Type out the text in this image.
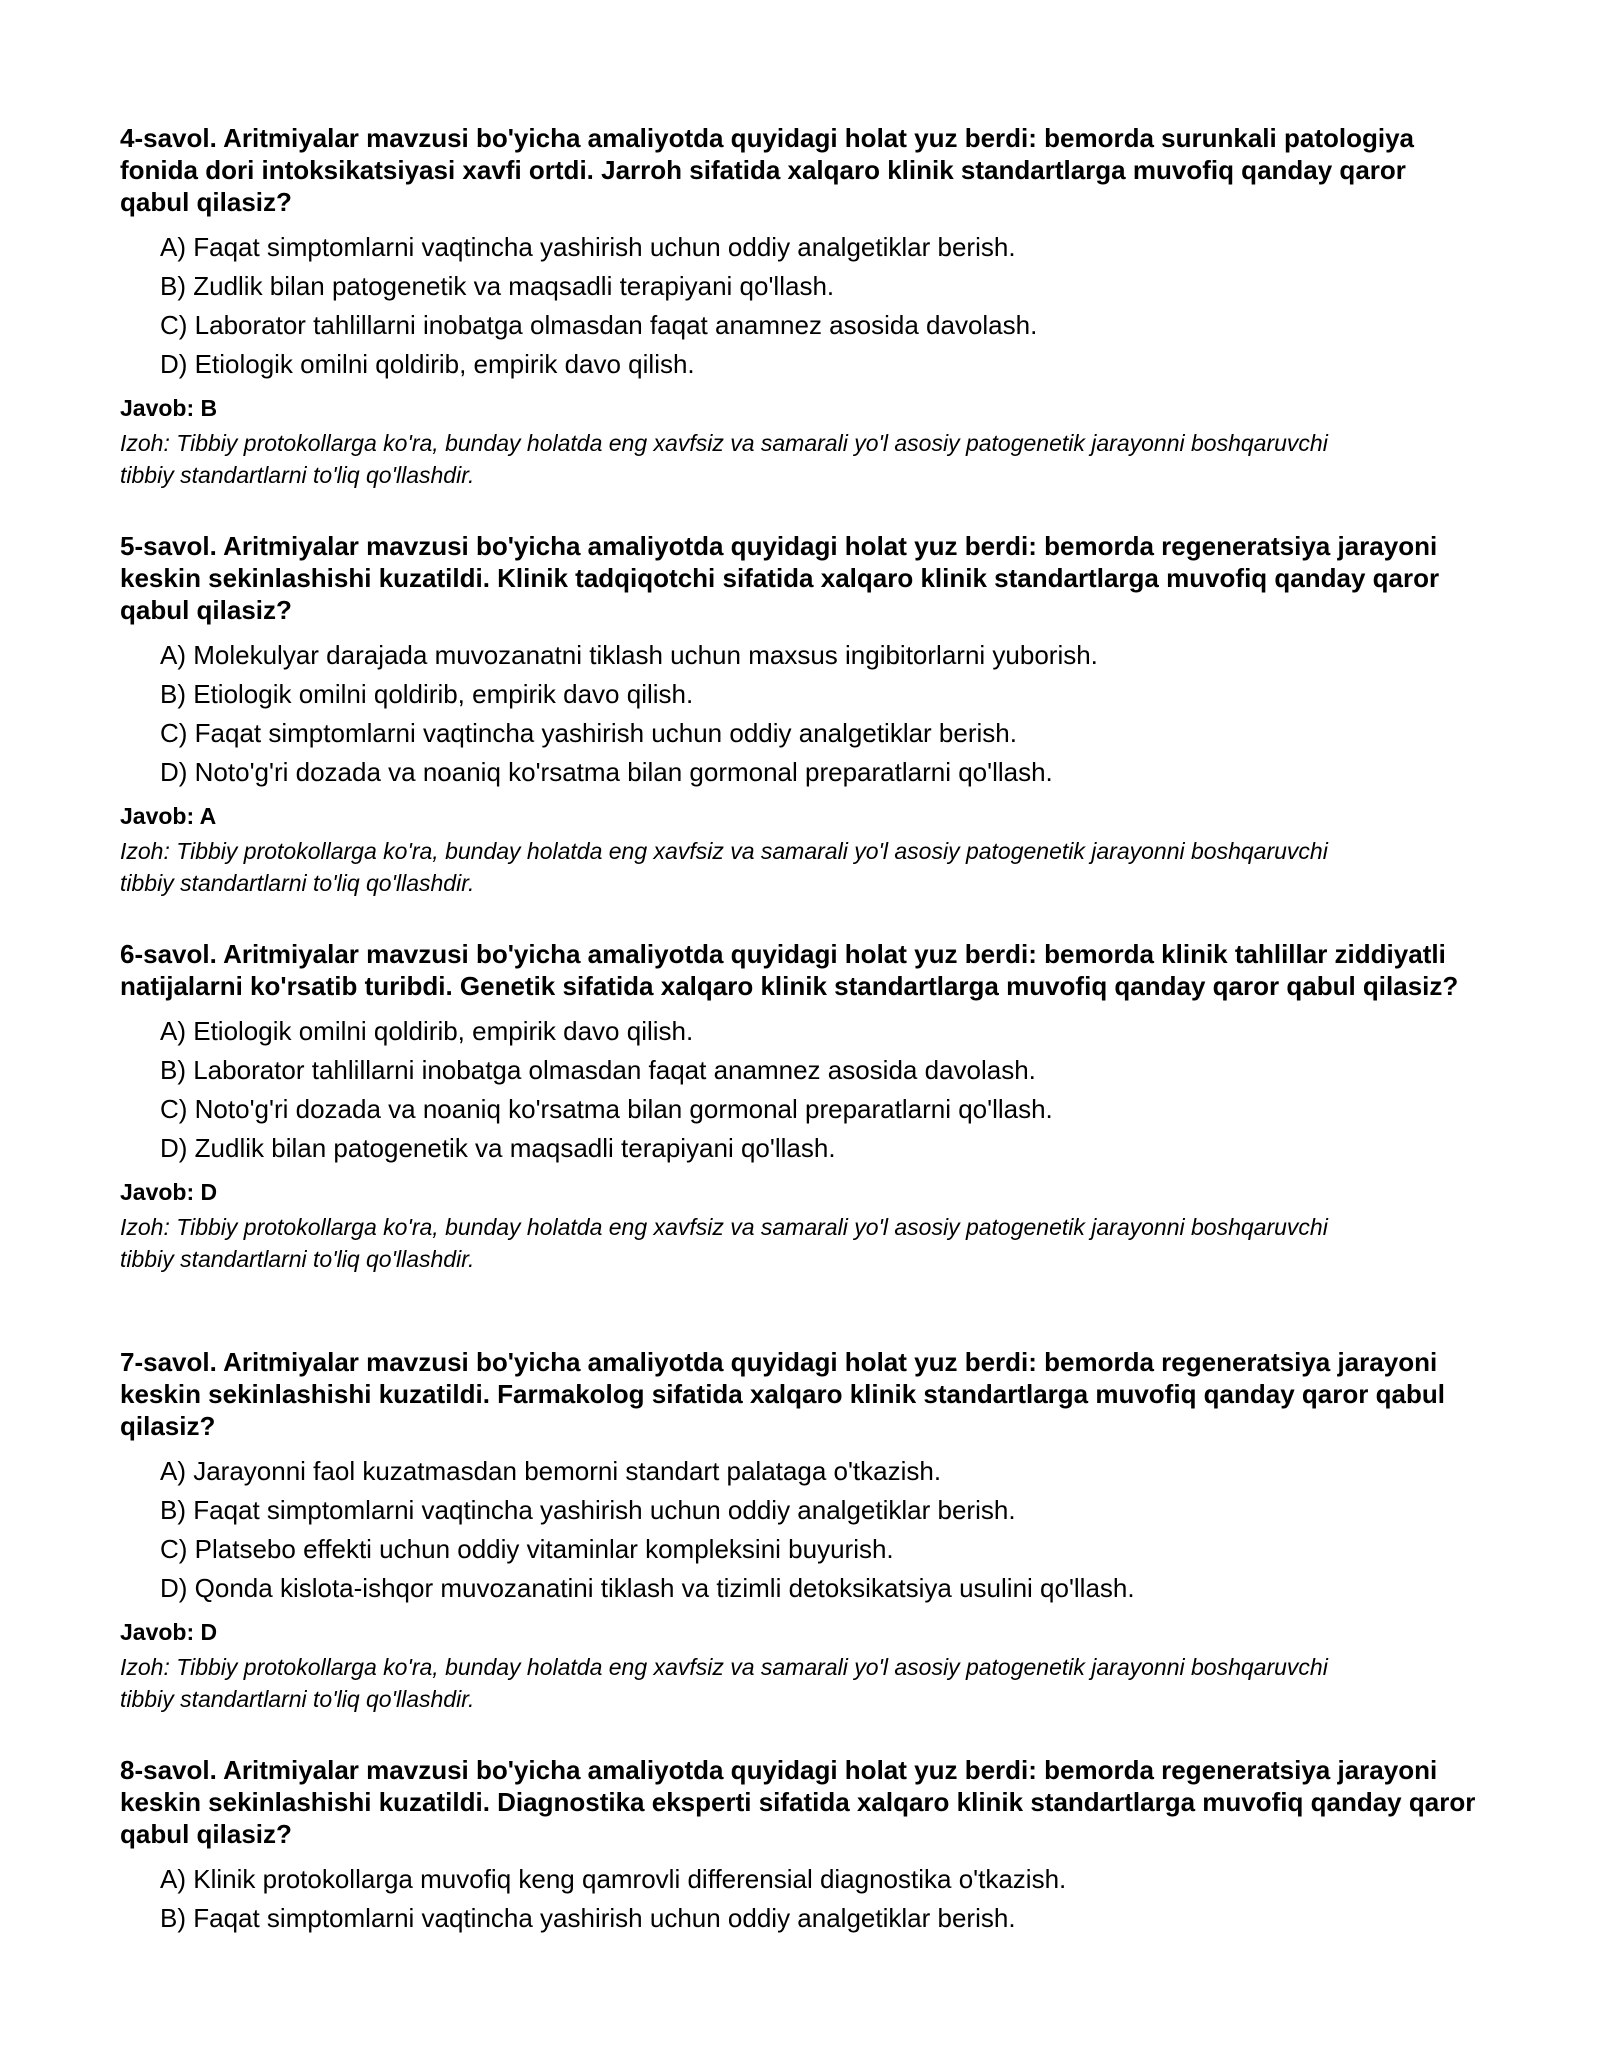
4-savol. Aritmiyalar mavzusi bo'yicha amaliyotda quyidagi holat yuz berdi: bemorda surunkali patologiya fonida dori intoksikatsiyasi xavfi ortdi. Jarroh sifatida xalqaro klinik standartlarga muvofiq qanday qaror qabul qilasiz?

A) Faqat simptomlarni vaqtincha yashirish uchun oddiy analgetiklar berish.
B) Zudlik bilan patogenetik va maqsadli terapiyani qo'llash.
C) Laborator tahlillarni inobatga olmasdan faqat anamnez asosida davolash.
D) Etiologik omilni qoldirib, empirik davo qilish.

Javob: B

Izoh: Tibbiy protokollarga ko'ra, bunday holatda eng xavfsiz va samarali yo'l asosiy patogenetik jarayonni boshqaruvchi tibbiy standartlarni to'liq qo'llashdir.

5-savol. Aritmiyalar mavzusi bo'yicha amaliyotda quyidagi holat yuz berdi: bemorda regeneratsiya jarayoni keskin sekinlashishi kuzatildi. Klinik tadqiqotchi sifatida xalqaro klinik standartlarga muvofiq qanday qaror qabul qilasiz?

A) Molekulyar darajada muvozanatni tiklash uchun maxsus ingibitorlarni yuborish.
B) Etiologik omilni qoldirib, empirik davo qilish.
C) Faqat simptomlarni vaqtincha yashirish uchun oddiy analgetiklar berish.
D) Noto'g'ri dozada va noaniq ko'rsatma bilan gormonal preparatlarni qo'llash.

Javob: A

Izoh: Tibbiy protokollarga ko'ra, bunday holatda eng xavfsiz va samarali yo'l asosiy patogenetik jarayonni boshqaruvchi tibbiy standartlarni to'liq qo'llashdir.

6-savol. Aritmiyalar mavzusi bo'yicha amaliyotda quyidagi holat yuz berdi: bemorda klinik tahlillar ziddiyatli natijalarni ko'rsatib turibdi. Genetik sifatida xalqaro klinik standartlarga muvofiq qanday qaror qabul qilasiz?

A) Etiologik omilni qoldirib, empirik davo qilish.
B) Laborator tahlillarni inobatga olmasdan faqat anamnez asosida davolash.
C) Noto'g'ri dozada va noaniq ko'rsatma bilan gormonal preparatlarni qo'llash.
D) Zudlik bilan patogenetik va maqsadli terapiyani qo'llash.

Javob: D

Izoh: Tibbiy protokollarga ko'ra, bunday holatda eng xavfsiz va samarali yo'l asosiy patogenetik jarayonni boshqaruvchi tibbiy standartlarni to'liq qo'llashdir.

7-savol. Aritmiyalar mavzusi bo'yicha amaliyotda quyidagi holat yuz berdi: bemorda regeneratsiya jarayoni keskin sekinlashishi kuzatildi. Farmakolog sifatida xalqaro klinik standartlarga muvofiq qanday qaror qabul qilasiz?

A) Jarayonni faol kuzatmasdan bemorni standart palataga o'tkazish.
B) Faqat simptomlarni vaqtincha yashirish uchun oddiy analgetiklar berish.
C) Platsebo effekti uchun oddiy vitaminlar kompleksini buyurish.
D) Qonda kislota-ishqor muvozanatini tiklash va tizimli detoksikatsiya usulini qo'llash.

Javob: D

Izoh: Tibbiy protokollarga ko'ra, bunday holatda eng xavfsiz va samarali yo'l asosiy patogenetik jarayonni boshqaruvchi tibbiy standartlarni to'liq qo'llashdir.

8-savol. Aritmiyalar mavzusi bo'yicha amaliyotda quyidagi holat yuz berdi: bemorda regeneratsiya jarayoni keskin sekinlashishi kuzatildi. Diagnostika eksperti sifatida xalqaro klinik standartlarga muvofiq qanday qaror qabul qilasiz?

A) Klinik protokollarga muvofiq keng qamrovli differensial diagnostika o'tkazish.
B) Faqat simptomlarni vaqtincha yashirish uchun oddiy analgetiklar berish.
